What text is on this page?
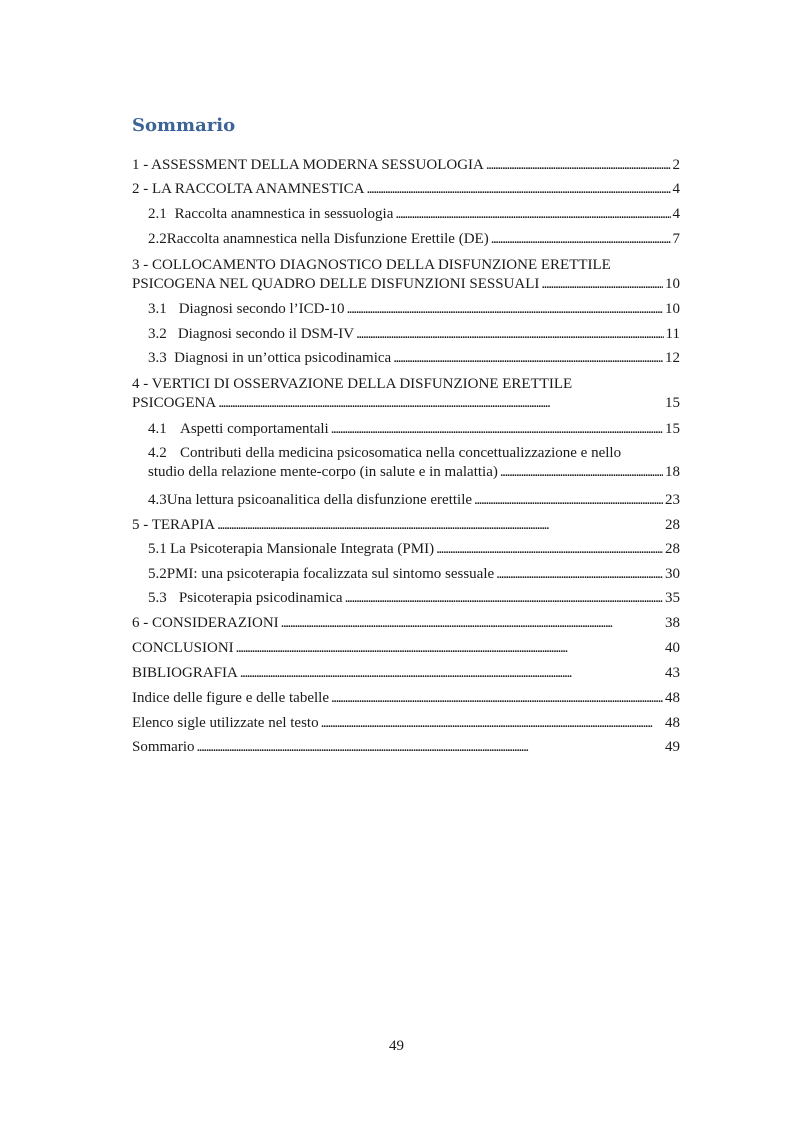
Sommario
1 - ASSESSMENT DELLA MODERNA SESSUOLOGIA . . .	2
2 - LA RACCOLTA ANAMNESTICA . . .	4
2.1 Raccolta anamnestica in sessuologia . . .	4
2.2 Raccolta anamnestica nella Disfunzione Erettile (DE) . . .	7
3 - COLLOCAMENTO DIAGNOSTICO DELLA DISFUNZIONE ERETTILE
PSICOGENA NEL QUADRO DELLE DISFUNZIONI SESSUALI . . .	10
3.1 Diagnosi secondo l’ICD-10 . . .	10
3.2 Diagnosi secondo il DSM-IV . . .	11
3.3 Diagnosi in un’ottica psicodinamica . . .	12
4 - VERTICI DI OSSERVAZIONE DELLA DISFUNZIONE ERETTILE
PSICOGENA . . .	15
4.1 Aspetti comportamentali . . .	15
4.2 Contributi della medicina psicosomatica nella concettualizzazione e nello
studio della relazione mente-corpo (in salute e in malattia) . . .	18
4.3 Una lettura psicoanalitica della disfunzione erettile . . .	23
5 - TERAPIA . . .	28
5.1 La Psicoterapia Mansionale Integrata (PMI) . . .	28
5.2 PMI: una psicoterapia focalizzata sul sintomo sessuale . . .	30
5.3 Psicoterapia psicodinamica . . .	35
6 - CONSIDERAZIONI . . .	38
CONCLUSIONI . . .	40
BIBLIOGRAFIA . . .	43
Indice delle figure e delle tabelle . . .	48
Elenco sigle utilizzate nel testo . . .	48
Sommario . . .	49
49
